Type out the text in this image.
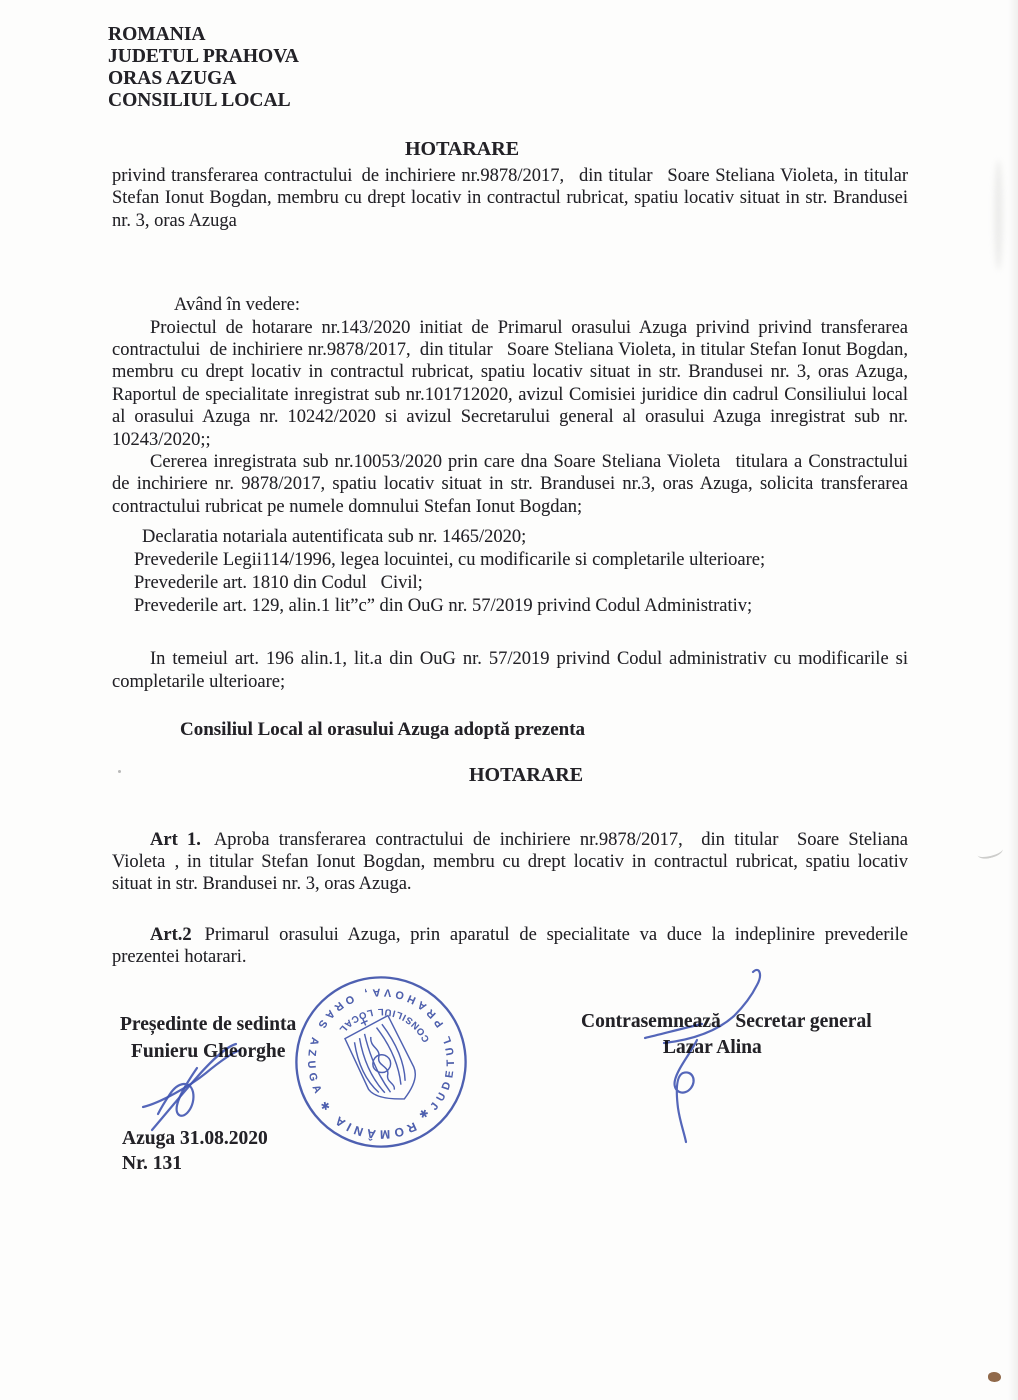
ROMANIA
JUDETUL PRAHOVA
ORAS AZUGA
CONSILIUL LOCAL
HOTARARE

privind transferarea contractului de inchiriere nr.9878/2017,  din titular  Soare Steliana Violeta, in titular Stefan Ionut Bogdan, membru cu drept locativ in contractul rubricat, spatiu locativ situat in str. Brandusei nr. 3, oras Azuga

Având în vedere:

Proiectul de hotarare nr.143/2020 initiat de Primarul orasului Azuga privind privind transferarea contractului de inchiriere nr.9878/2017, din titular  Soare Steliana Violeta, in titular Stefan Ionut Bogdan, membru cu drept locativ in contractul rubricat, spatiu locativ situat in str. Brandusei nr. 3, oras Azuga, Raportul de specialitate inregistrat sub nr.101712020, avizul Comisiei juridice din cadrul Consiliului local al orasului Azuga nr. 10242/2020 si avizul Secretarului general al orasului Azuga inregistrat sub nr. 10243/2020;;

Cererea inregistrata sub nr.10053/2020 prin care dna Soare Steliana Violeta  titulara a Constractului de inchiriere nr. 9878/2017, spatiu locativ situat in str. Brandusei nr.3, oras Azuga, solicita transferarea contractului rubricat pe numele domnului Stefan Ionut Bogdan;

Declaratia notariala autentificata sub nr. 1465/2020;

Prevederile Legii114/1996, legea locuintei, cu modificarile si completarile ulterioare;

Prevederile art. 1810 din Codul  Civil;

Prevederile art. 129, alin.1 lit”c” din OuG nr. 57/2019 privind Codul Administrativ;

In temeiul art. 196 alin.1, lit.a din OuG nr. 57/2019 privind Codul administrativ cu modificarile si completarile ulterioare;

Consiliul Local al orasului Azuga adoptă prezenta

HOTARARE

Art 1. Aproba transferarea contractului de inchiriere nr.9878/2017,  din titular  Soare Steliana Violeta , in titular Stefan Ionut Bogdan, membru cu drept locativ in contractul rubricat, spatiu locativ situat in str. Brandusei nr. 3, oras Azuga.

Art.2 Primarul orasului Azuga, prin aparatul de specialitate va duce la indeplinire prevederile prezentei hotarari.

Președinte de sedinta
Funieru Gheorghe
Contrasemnează  Secretar general
Lazar Alina
Azuga 31.08.2020
Nr. 131
JUDETUL PRAHOVA, ORAS AZUGA
CONSILIUL LOCAL
ROMÂNIA	✱
✱
